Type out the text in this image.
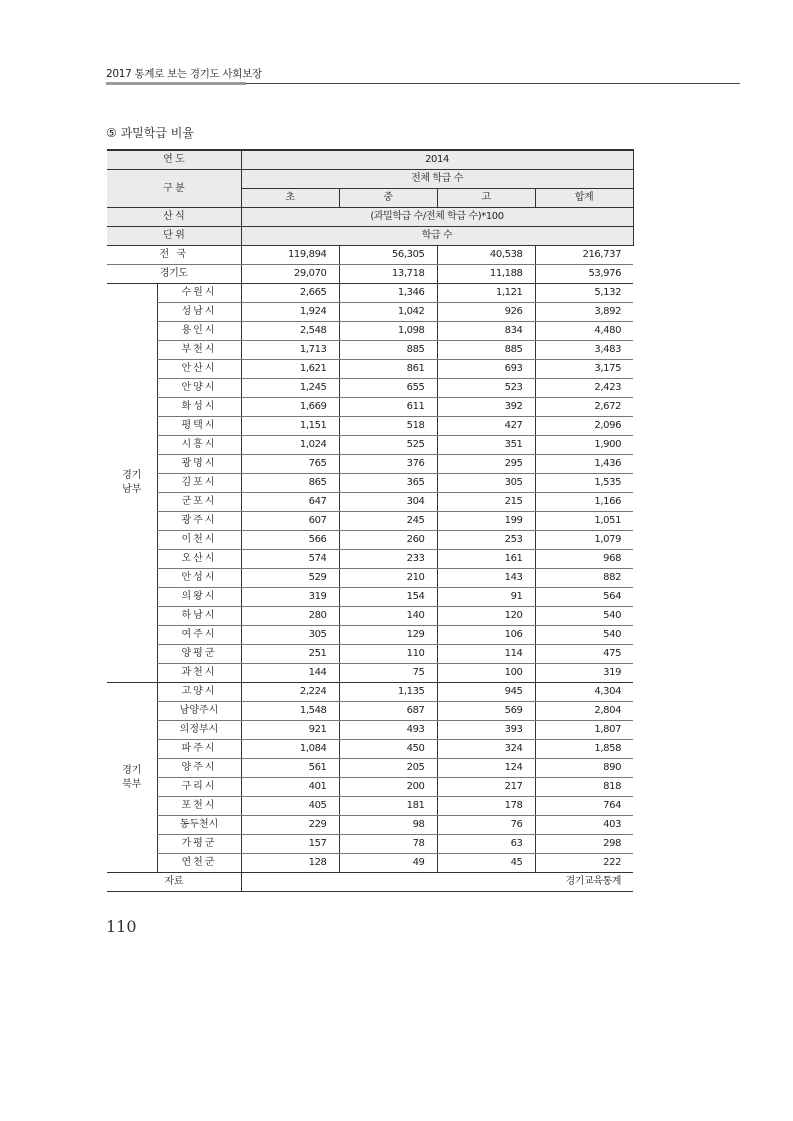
2017 통계로 보는 경기도 사회보장
⑤ 과밀학급 비율
연 도		2014			
구 분		전체 학급 수			
		초	중	고	합계
산 식		(과밀학급 수/전체 학급 수)*100			
단 위		학급 수			
전 국		119,894	56,305	40,538	216,737
경기도		29,070	13,718	11,188	53,976
경기
남부	수원시	2,665	1,346	1,121	5,132
	성남시	1,924	1,042	926	3,892
	용인시	2,548	1,098	834	4,480
	부천시	1,713	885	885	3,483
	안산시	1,621	861	693	3,175
	안양시	1,245	655	523	2,423
	화성시	1,669	611	392	2,672
	평택시	1,151	518	427	2,096
	시흥시	1,024	525	351	1,900
	광명시	765	376	295	1,436
	김포시	865	365	305	1,535
	군포시	647	304	215	1,166
	광주시	607	245	199	1,051
	이천시	566	260	253	1,079
	오산시	574	233	161	968
	안성시	529	210	143	882
	의왕시	319	154	91	564
	하남시	280	140	120	540
	여주시	305	129	106	540
	양평군	251	110	114	475
	과천시	144	75	100	319
경기
북부	고양시	2,224	1,135	945	4,304
	남양주시	1,548	687	569	2,804
	의정부시	921	493	393	1,807
	파주시	1,084	450	324	1,858
	양주시	561	205	124	890
	구리시	401	200	217	818
	포천시	405	181	178	764
	동두천시	229	98	76	403
	가평군	157	78	63	298
	연천군	128	49	45	222
자료		경기교육통계			
110
